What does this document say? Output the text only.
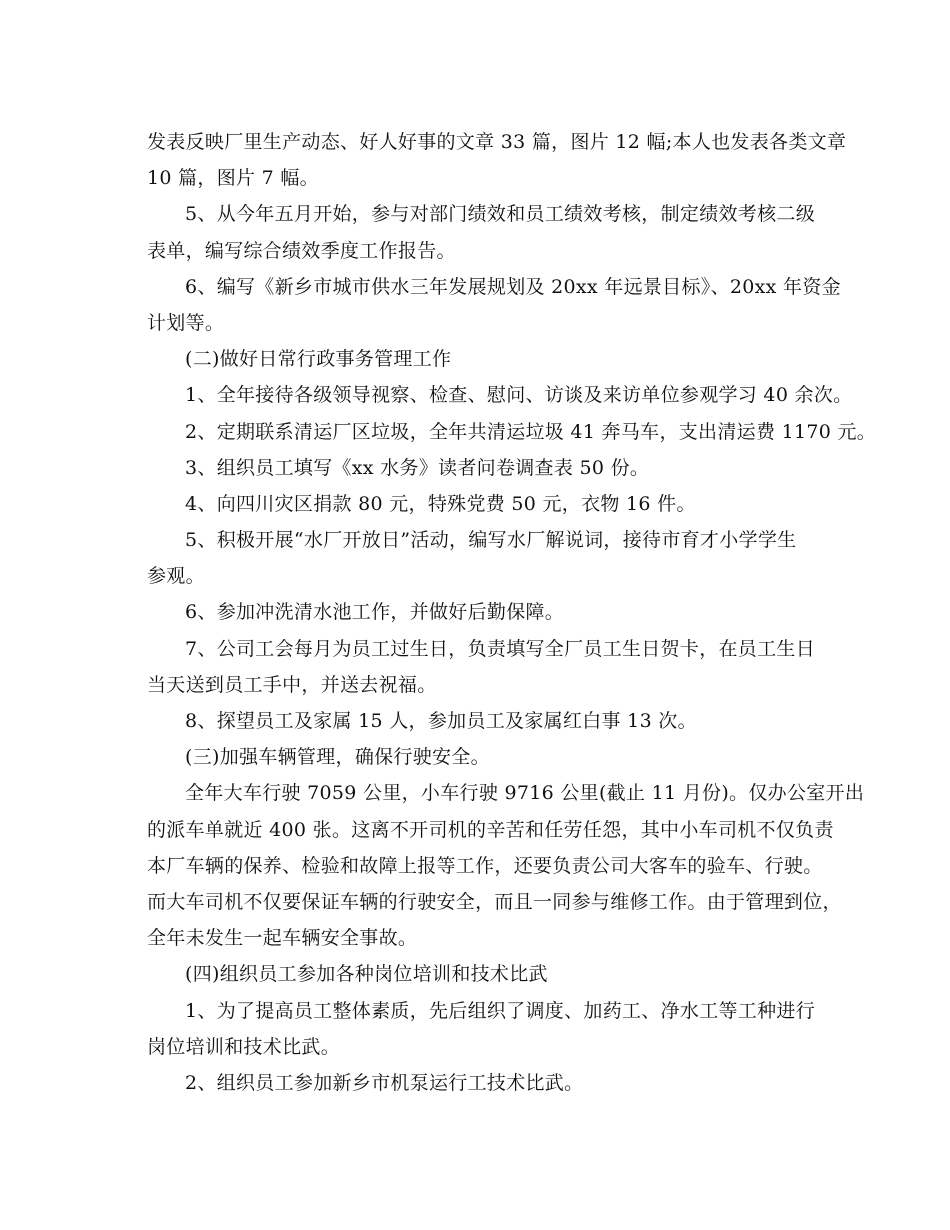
发表反映厂里生产动态、好人好事的文章 33 篇，图片 12 幅;本人也发表各类文章
10 篇，图片 7 幅。
5、从今年五月开始，参与对部门绩效和员工绩效考核，制定绩效考核二级
表单，编写综合绩效季度工作报告。
6、编写《新乡市城市供水三年发展规划及 20xx 年远景目标》、20xx 年资金
计划等。
(二)做好日常行政事务管理工作
1、全年接待各级领导视察、检查、慰问、访谈及来访单位参观学习 40 余次。
2、定期联系清运厂区垃圾，全年共清运垃圾 41 奔马车，支出清运费 1170 元。
3、组织员工填写《xx 水务》读者问卷调查表 50 份。
4、向四川灾区捐款 80 元，特殊党费 50 元，衣物 16 件。
5、积极开展“水厂开放日”活动，编写水厂解说词，接待市育才小学学生
参观。
6、参加冲洗清水池工作，并做好后勤保障。
7、公司工会每月为员工过生日，负责填写全厂员工生日贺卡，在员工生日
当天送到员工手中，并送去祝福。
8、探望员工及家属 15 人，参加员工及家属红白事 13 次。
(三)加强车辆管理，确保行驶安全。
全年大车行驶 7059 公里，小车行驶 9716 公里(截止 11 月份)。仅办公室开出
的派车单就近 400 张。这离不开司机的辛苦和任劳任怨，其中小车司机不仅负责
本厂车辆的保养、检验和故障上报等工作，还要负责公司大客车的验车、行驶。
而大车司机不仅要保证车辆的行驶安全，而且一同参与维修工作。由于管理到位，
全年未发生一起车辆安全事故。
(四)组织员工参加各种岗位培训和技术比武
1、为了提高员工整体素质，先后组织了调度、加药工、净水工等工种进行
岗位培训和技术比武。
2、组织员工参加新乡市机泵运行工技术比武。
